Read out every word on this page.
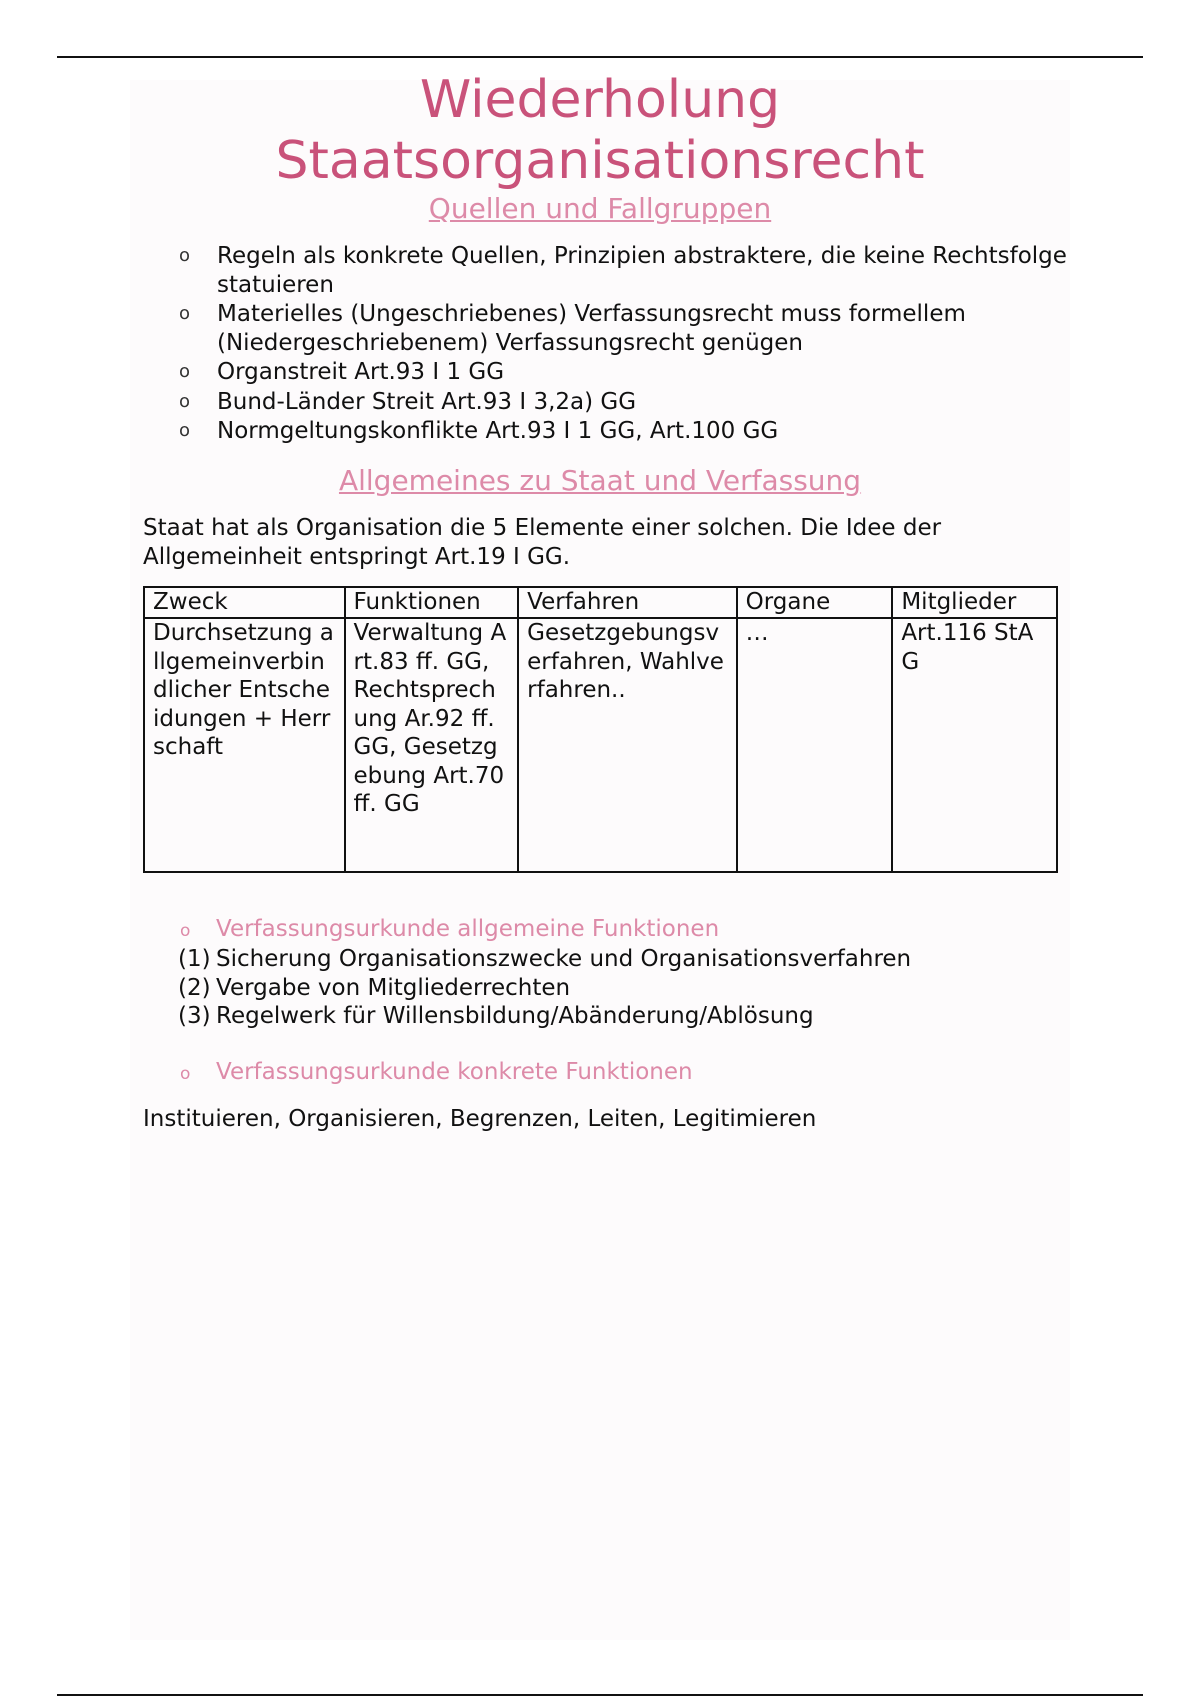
Wiederholung
Staatsorganisationsrecht
Quellen und Fallgruppen
o Regeln als konkrete Quellen, Prinzipien abstraktere, die keine Rechtsfolge statuieren
o Materielles (Ungeschriebenes) Verfassungsrecht muss formellem (Niedergeschriebenem) Verfassungsrecht genügen
o Organstreit Art.93 I 1 GG
o Bund-Länder Streit Art.93 I 3,2a) GG
o Normgeltungskonflikte Art.93 I 1 GG, Art.100 GG
Allgemeines zu Staat und Verfassung

Staat hat als Organisation die 5 Elemente einer solchen. Die Idee der Allgemeinheit entspringt Art.19 I GG.

Zweck	Funktionen	Verfahren	Organe	Mitglieder
Durchsetzung allgemeinverbindlicher Entscheidungen + Herrschaft	Verwaltung Art.83 ff. GG, Rechtsprechung Ar.92 ff. GG, Gesetzgebung Art.70 ff. GG	Gesetzgebungsverfahren, Wahlverfahren..	…	Art.116 StAG
o Verfassungsurkunde allgemeine Funktionen
(1) Sicherung Organisationszwecke und Organisationsverfahren
(2) Vergabe von Mitgliederrechten
(3) Regelwerk für Willensbildung/Abänderung/Ablösung
o Verfassungsurkunde konkrete Funktionen

Instituieren, Organisieren, Begrenzen, Leiten, Legitimieren
